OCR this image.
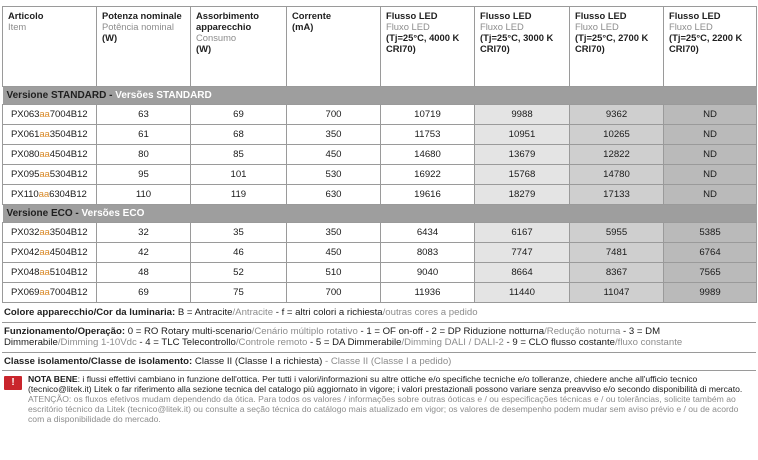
Articolo
Item	Potenza nominale
Potência nominal
(W)	Assorbimento apparecchio
Consumo
(W)	Corrente
(mA)	Flusso LED
Fluxo LED
(Tj=25°C, 4000 K CRI70)	Flusso LED
Fluxo LED
(Tj=25°C, 3000 K CRI70)	Flusso LED
Fluxo LED
(Tj=25°C, 2700 K CRI70)	Flusso LED
Fluxo LED
(Tj=25°C, 2200 K CRI70)

Versione STANDARD - Versões STANDARD							
PX063aa7004B12	63	69	700	10719	9988	9362	ND
PX061aa3504B12	61	68	350	11753	10951	10265	ND
PX080aa4504B12	80	85	450	14680	13679	12822	ND
PX095aa5304B12	95	101	530	16922	15768	14780	ND
PX110aa6304B12	110	119	630	19616	18279	17133	ND
Versione ECO - Versões ECO							
PX032aa3504B12	32	35	350	6434	6167	5955	5385
PX042aa4504B12	42	46	450	8083	7747	7481	6764
PX048aa5104B12	48	52	510	9040	8664	8367	7565
PX069aa7004B12	69	75	700	11936	11440	11047	9989
Colore apparecchio/Cor da luminaria: B = Antracite/Antracite - f = altri colori a richiesta/outras cores a pedido
Funzionamento/Operação: 0 = RO Rotary multi-scenario/Cenário múltiplo rotativo - 1 = OF on-off - 2 = DP Riduzione notturna/Redução noturna - 3 = DM Dimmerabile/Dimming 1-10Vdc - 4 = TLC Telecontrollo/Controle remoto - 5 = DA Dimmerabile/Dimming DALI / DALI-2 - 9 = CLO flusso costante/fluxo constante
Classe isolamento/Classe de isolamento: Classe II (Classe I a richiesta) - Classe II (Classe I a pedido)
!	NOTA BENE: i flussi effettivi cambiano in funzione dell'ottica. Per tutti i valori/informazioni su altre ottiche e/o specifiche tecniche e/o tolleranze, chiedere anche all'ufficio tecnico (tecnico@litek.it) Litek o far riferimento alla sezione tecnica del catalogo più aggiornato in vigore; i valori prestazionali possono variare senza preavviso e/o secondo disponibilità di mercato.
ATENÇÃO: os fluxos efetivos mudam dependendo da ótica. Para todos os valores / informações sobre outras óoticas e / ou especificações técnicas e / ou tolerâncias, solicite também ao escritório técnico da Litek (tecnico@litek.it) ou consulte a seção técnica do catálogo mais atualizado em vigor; os valores de desempenho podem mudar sem aviso prévio e / ou de acordo com a disponibilidade do mercado.
